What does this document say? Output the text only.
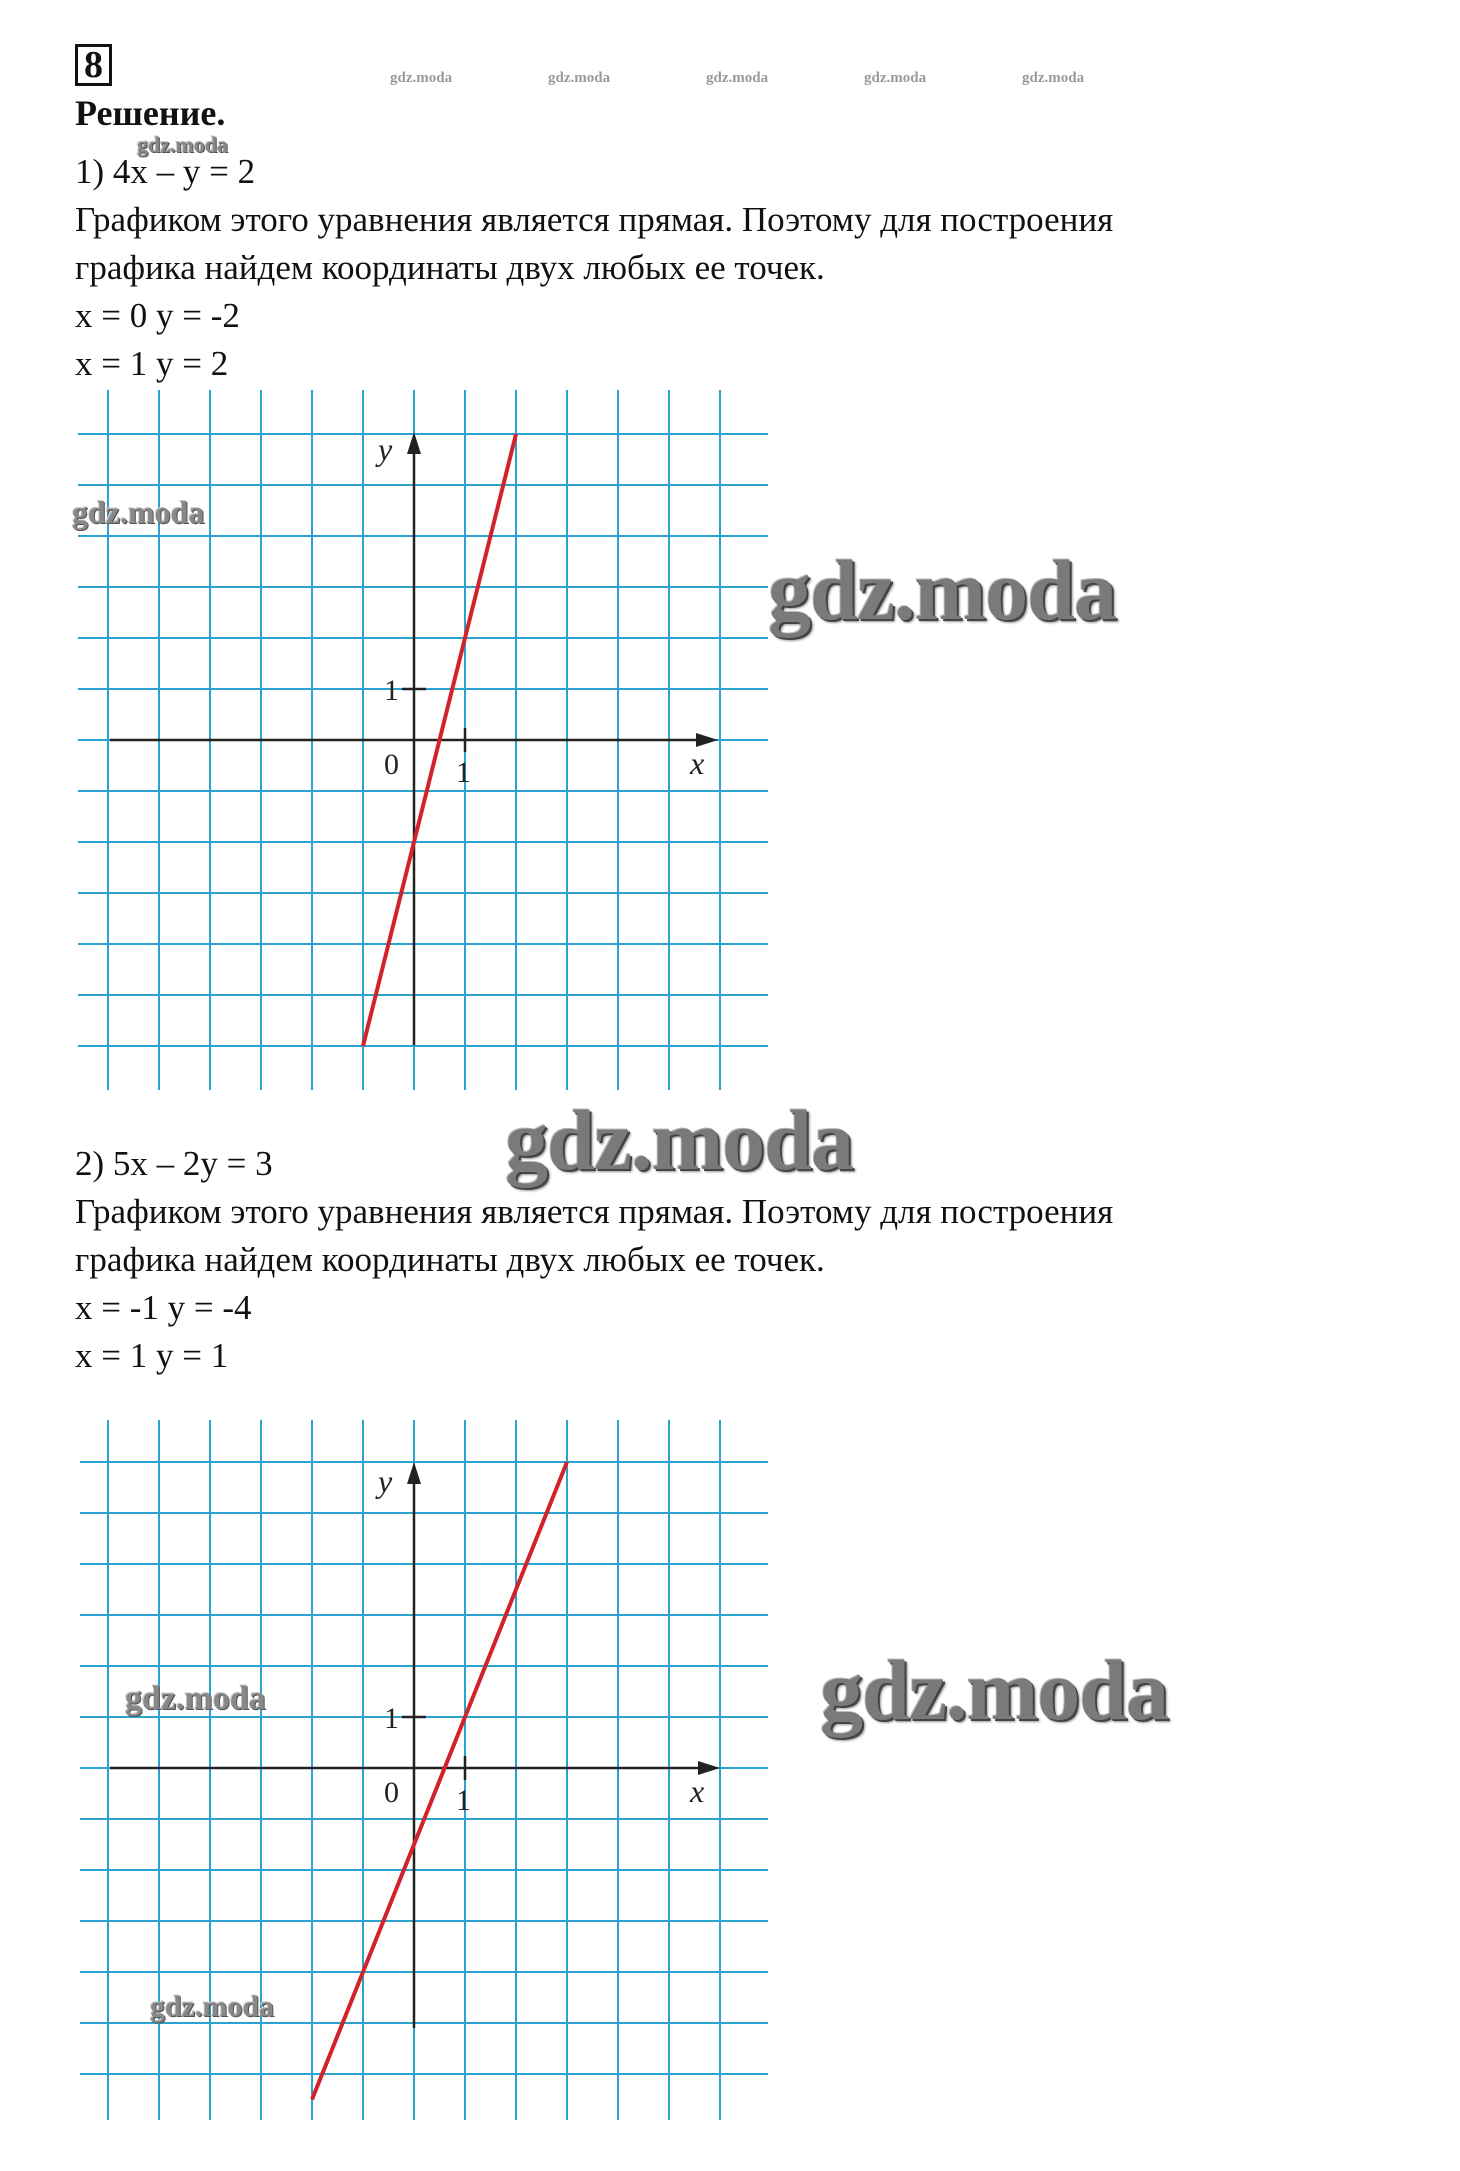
8
Решение.
gdz.moda	gdz.moda	gdz.moda	gdz.moda	gdz.moda
gdz.moda
1) 4x – y = 2
Графиком этого уравнения является прямая. Поэтому для построения
графика найдем координаты двух любых ее точек.
x = 0 y = -2
x = 1 y = 2
y
x
0 1
1
gdz.moda
gdz.moda
gdz.moda
2) 5x – 2y = 3
Графиком этого уравнения является прямая. Поэтому для построения
графика найдем координаты двух любых ее точек.
x = -1 y = -4
x = 1 y = 1
y
x
0 1
1
gdz.moda
gdz.moda
gdz.moda
